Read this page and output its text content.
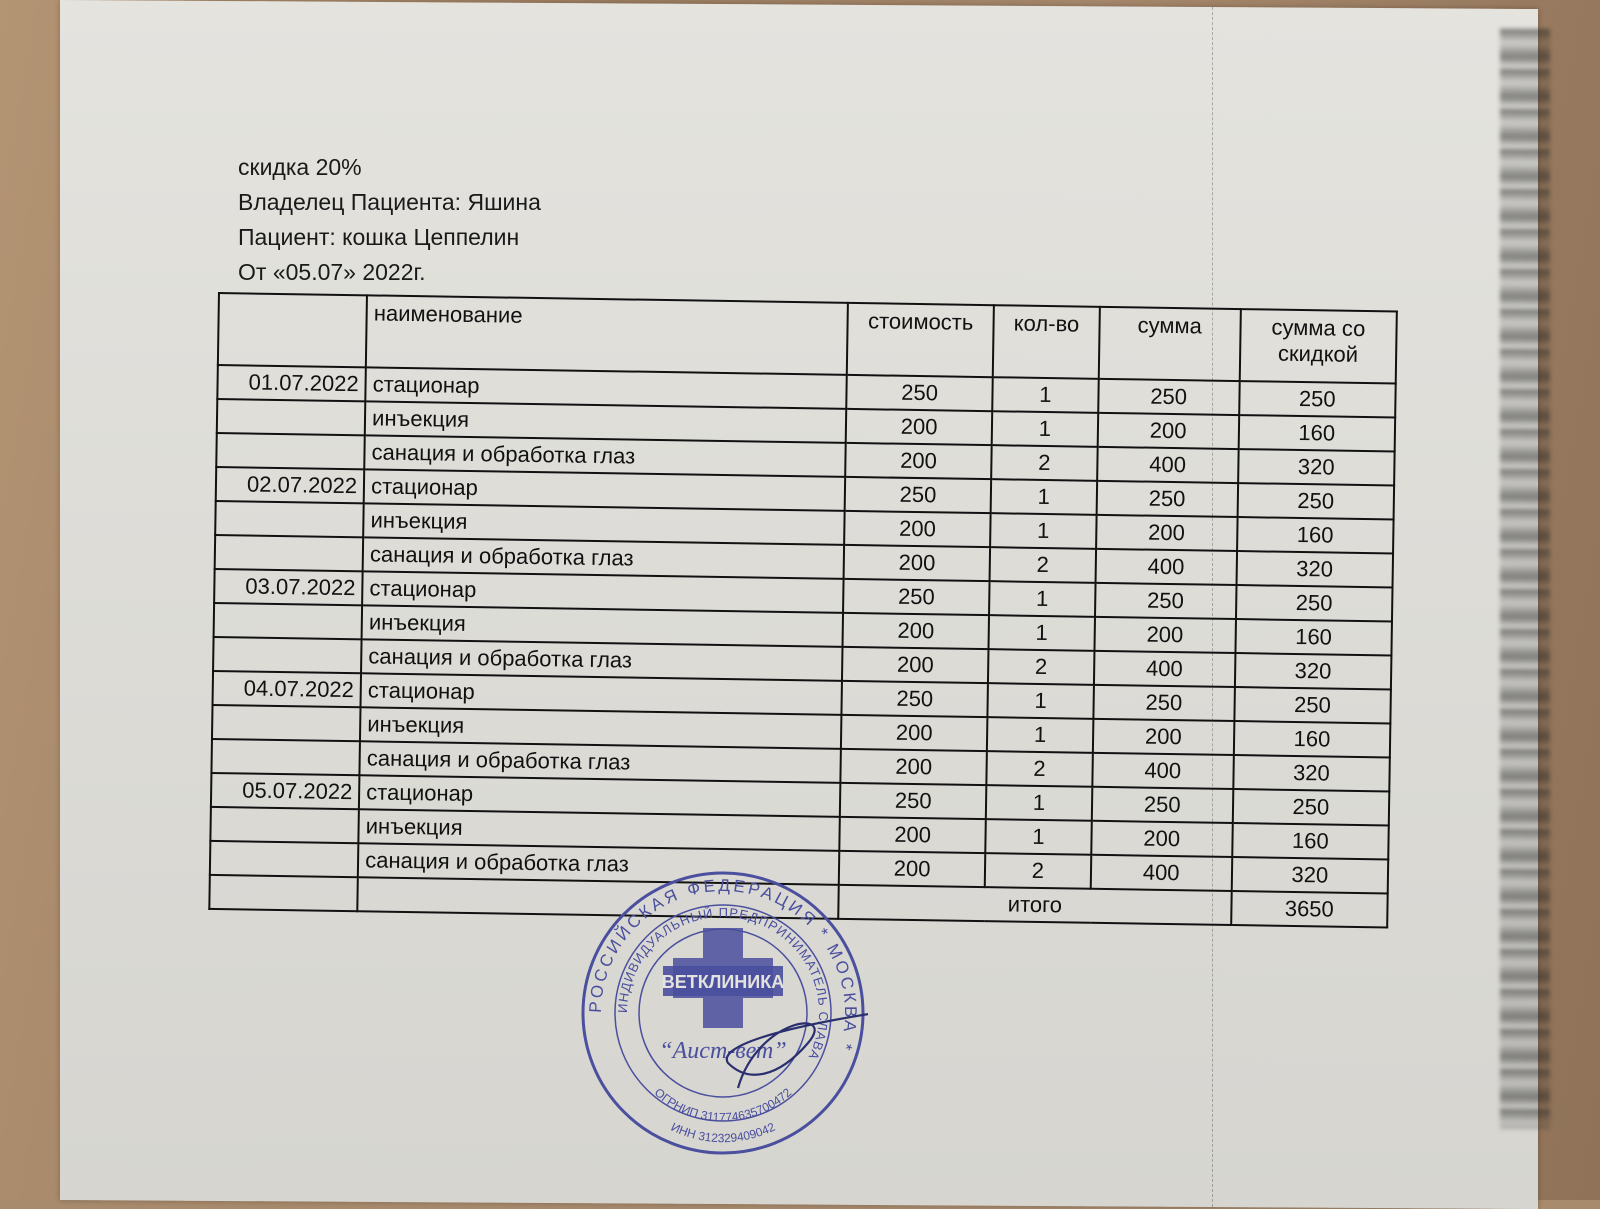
скидка 20%
Владелец Пациента: Яшина
Пациент: кошка Цеппелин
От «05.07» 2022г.
	наименование	стоимость	кол-во	сумма	сумма со скидкой
01.07.2022	стационар	250	1	250	250
	инъекция	200	1	200	160
	санация и обработка глаз	200	2	400	320
02.07.2022	стационар	250	1	250	250
	инъекция	200	1	200	160
	санация и обработка глаз	200	2	400	320
03.07.2022	стационар	250	1	250	250
	инъекция	200	1	200	160
	санация и обработка глаз	200	2	400	320
04.07.2022	стационар	250	1	250	250
	инъекция	200	1	200	160
	санация и обработка глаз	200	2	400	320
05.07.2022	стационар	250	1	250	250
	инъекция	200	1	200	160
	санация и обработка глаз	200	2	400	320
		итого			3650
РОССИЙСКАЯ ФЕДЕРАЦИЯ * МОСКВА *
ИНДИВИДУАЛЬНЫЙ ПРЕДПРИНИМАТЕЛЬ СЛАВА
ВЕТКЛИНИКА
“Аист-вет”
ОГРНИП 311774635700472
ИНН 312329409042
